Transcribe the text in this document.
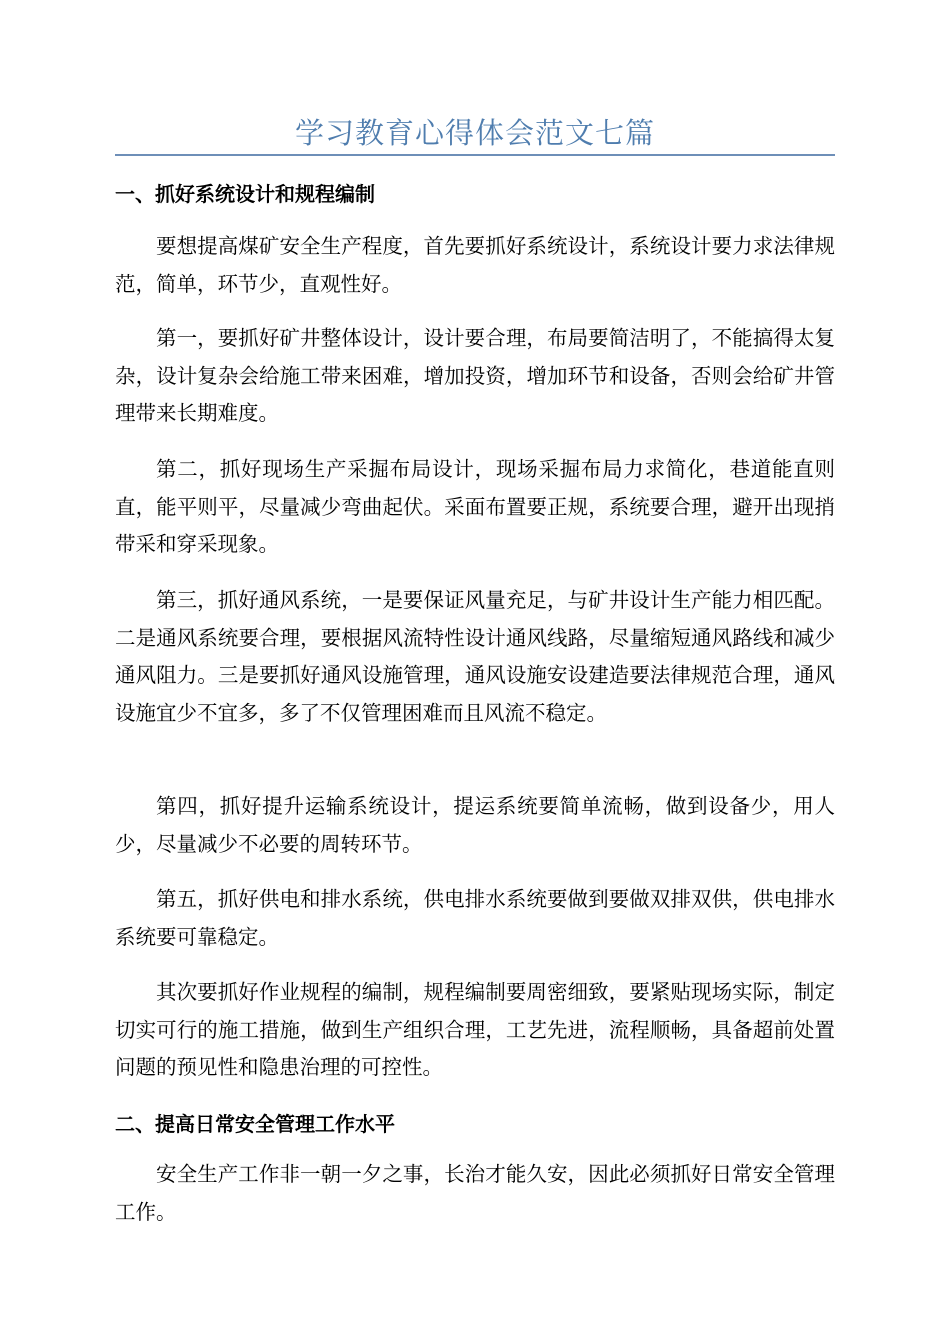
学习教育心得体会范文七篇
一、抓好系统设计和规程编制

要想提高煤矿安全生产程度，首先要抓好系统设计，系统设计要力求法律规范，简单，环节少，直观性好。

第一，要抓好矿井整体设计，设计要合理，布局要简洁明了，不能搞得太复杂，设计复杂会给施工带来困难，增加投资，增加环节和设备，否则会给矿井管理带来长期难度。

第二，抓好现场生产采掘布局设计，现场采掘布局力求简化，巷道能直则直，能平则平，尽量减少弯曲起伏。采面布置要正规，系统要合理，避开出现捎带采和穿采现象。

第三，抓好通风系统，一是要保证风量充足，与矿井设计生产能力相匹配。二是通风系统要合理，要根据风流特性设计通风线路，尽量缩短通风路线和减少通风阻力。三是要抓好通风设施管理，通风设施安设建造要法律规范合理，通风设施宜少不宜多，多了不仅管理困难而且风流不稳定。

第四，抓好提升运输系统设计，提运系统要简单流畅，做到设备少，用人少，尽量减少不必要的周转环节。

第五，抓好供电和排水系统，供电排水系统要做到要做双排双供，供电排水系统要可靠稳定。

其次要抓好作业规程的编制，规程编制要周密细致，要紧贴现场实际，制定切实可行的施工措施，做到生产组织合理，工艺先进，流程顺畅，具备超前处置问题的预见性和隐患治理的可控性。

二、提高日常安全管理工作水平

安全生产工作非一朝一夕之事，长治才能久安，因此必须抓好日常安全管理工作。
